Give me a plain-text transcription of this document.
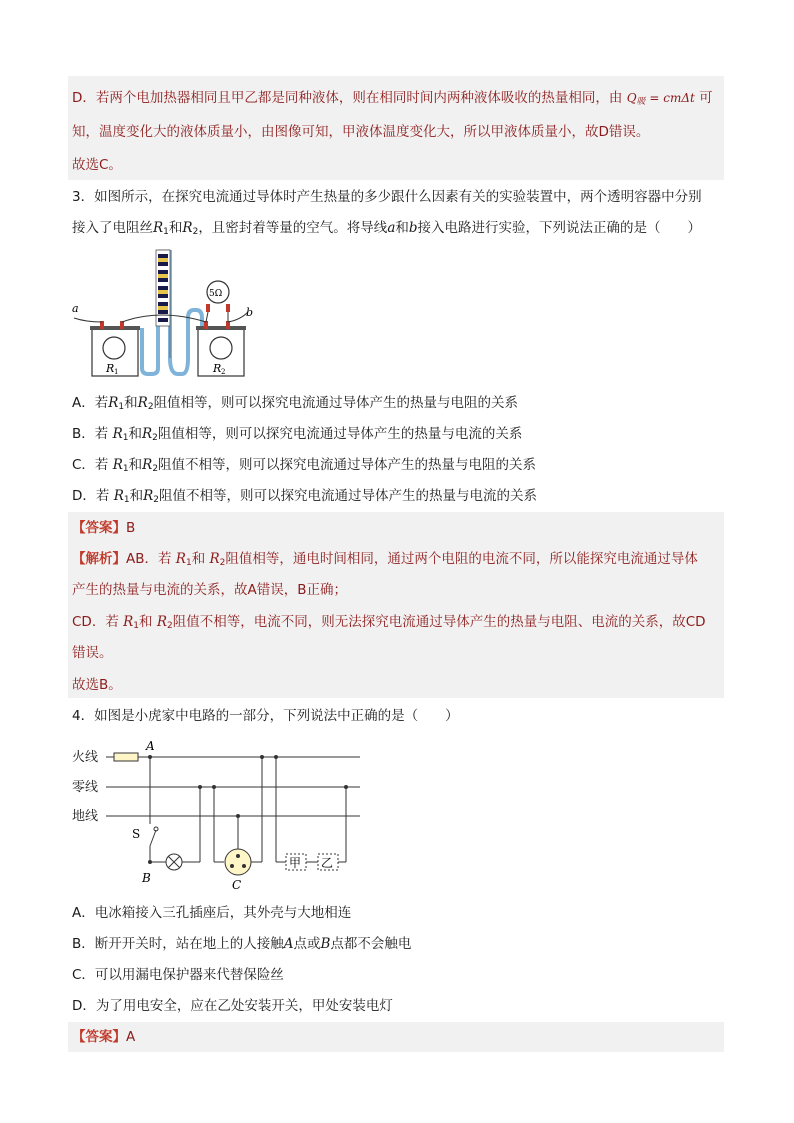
D．若两个电加热器相同且甲乙都是同种液体，则在相同时间内两种液体吸收的热量相同，由 $Q_吸 = cm\Delta t$ 可
知，温度变化大的液体质量小，由图像可知，甲液体温度变化大，所以甲液体质量小，故D错误。
故选C。
3．如图所示，在探究电流通过导体时产生热量的多少跟什么因素有关的实验装置中，两个透明容器中分别
接入了电阻丝$R_1$和$R_2$，且密封着等量的空气。将导线a和b接入电路进行实验，下列说法正确的是（　　）
R 1	R 2
5Ω
a	b
A．若$R_1$和$R_2$阻值相等，则可以探究电流通过导体产生的热量与电阻的关系
B．若 $R_1$和$R_2$阻值相等，则可以探究电流通过导体产生的热量与电流的关系
C．若 $R_1$和$R_2$阻值不相等，则可以探究电流通过导体产生的热量与电阻的关系
D．若 $R_1$和$R_2$阻值不相等，则可以探究电流通过导体产生的热量与电流的关系
【答案】B
【解析】AB．若 $R_1$和 $R_2$阻值相等，通电时间相同，通过两个电阻的电流不同，所以能探究电流通过导体
产生的热量与电流的关系，故A错误，B正确；
CD．若 $R_1$和 $R_2$阻值不相等，电流不同，则无法探究电流通过导体产生的热量与电阻、电流的关系，故CD
错误。
故选B。
4．如图是小虎家中电路的一部分，下列说法中正确的是（　　）
火线
零线
地线
A
S
B	C
甲 乙
A．电冰箱接入三孔插座后，其外壳与大地相连
B．断开开关时，站在地上的人接触A点或B点都不会触电
C．可以用漏电保护器来代替保险丝
D．为了用电安全，应在乙处安装开关，甲处安装电灯
【答案】A
